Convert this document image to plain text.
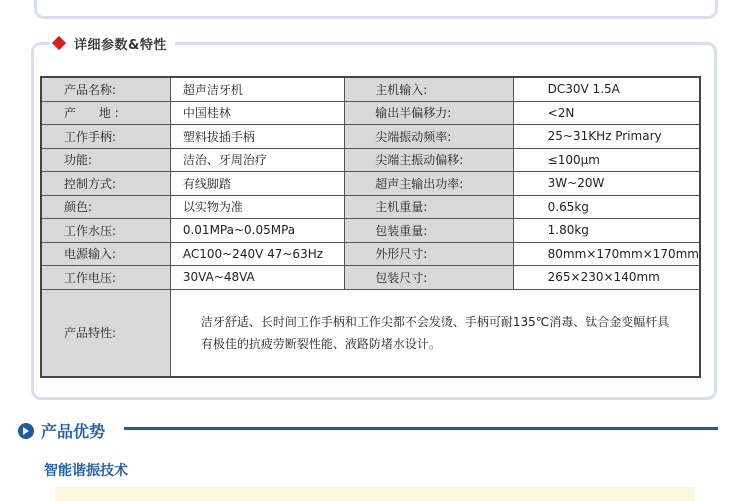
详细参数&特性
产品名称:	超声洁牙机	主机输入:	DC30V 1.5A
产      地 :	中国桂林	输出半偏移力:	<2N
工作手柄:	塑料拔插手柄	尖端振动频率:	25~31KHz Primary
功能:	洁治、牙周治疗	尖端主振动偏移:	≤100μm
控制方式:	有线脚踏	超声主输出功率:	3W~20W
颜色:	以实物为准	主机重量:	0.65kg
工作水压:	0.01MPa~0.05MPa	包装重量:	1.80kg
电源输入:	AC100~240V 47~63Hz	外形尺寸:	80mm×170mm×170mm
工作电压:	30VA~48VA	包装尺寸:	265×230×140mm
产品特性:	洁牙舒适、长时间工作手柄和工作尖都不会发烫、手柄可耐135℃消毒、钛合金变幅杆具有极佳的抗疲劳断裂性能、液路防堵水设计。		
产品优势
智能谐振技术
